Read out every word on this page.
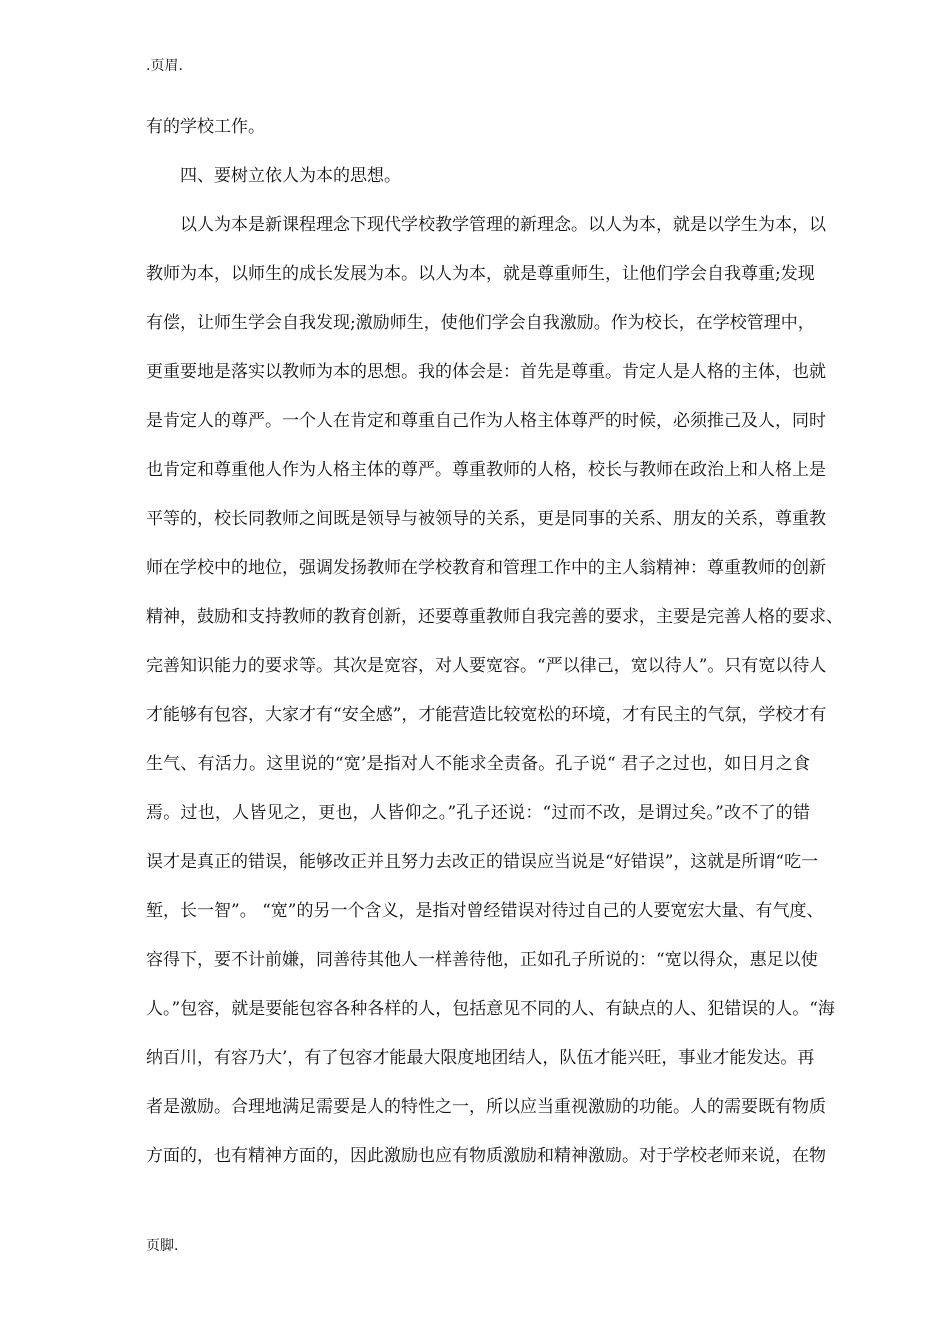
.页眉.
有的学校工作。
四、要树立依人为本的思想。
以人为本是新课程理念下现代学校教学管理的新理念。以人为本，就是以学生为本，以
教师为本，以师生的成长发展为本。以人为本，就是尊重师生，让他们学会自我尊重;发现
有偿，让师生学会自我发现;激励师生，使他们学会自我激励。作为校长，在学校管理中，
更重要地是落实以教师为本的思想。我的体会是：首先是尊重。肯定人是人格的主体，也就
是肯定人的尊严。一个人在肯定和尊重自己作为人格主体尊严的时候，必须推己及人，同时
也肯定和尊重他人作为人格主体的尊严。尊重教师的人格，校长与教师在政治上和人格上是
平等的，校长同教师之间既是领导与被领导的关系，更是同事的关系、朋友的关系，尊重教
师在学校中的地位，强调发扬教师在学校教育和管理工作中的主人翁精神：尊重教师的创新
精神，鼓励和支持教师的教育创新，还要尊重教师自我完善的要求，主要是完善人格的要求、
完善知识能力的要求等。其次是宽容，对人要宽容。“严以律己，宽以待人”。只有宽以待人
才能够有包容，大家才有“安全感”，才能营造比较宽松的环境，才有民主的气氛，学校才有
生气、有活力。这里说的“宽’是指对人不能求全责备。孔子说“ 君子之过也，如日月之食
焉。过也，人皆见之，更也，人皆仰之。”孔子还说：“过而不改，是谓过矣。”改不了的错
误才是真正的错误，能够改正并且努力去改正的错误应当说是“好错误”，这就是所谓“吃一
堑，长一智”。 “宽”的另一个含义，是指对曾经错误对待过自己的人要宽宏大量、有气度、
容得下，要不计前嫌，同善待其他人一样善待他，正如孔子所说的：“宽以得众，惠足以使
人。”包容，就是要能包容各种各样的人，包括意见不同的人、有缺点的人、犯错误的人。“海
纳百川，有容乃大’，有了包容才能最大限度地团结人，队伍才能兴旺，事业才能发达。再
者是激励。合理地满足需要是人的特性之一，所以应当重视激励的功能。人的需要既有物质
方面的，也有精神方面的，因此激励也应有物质激励和精神激励。对于学校老师来说，在物
页脚.
